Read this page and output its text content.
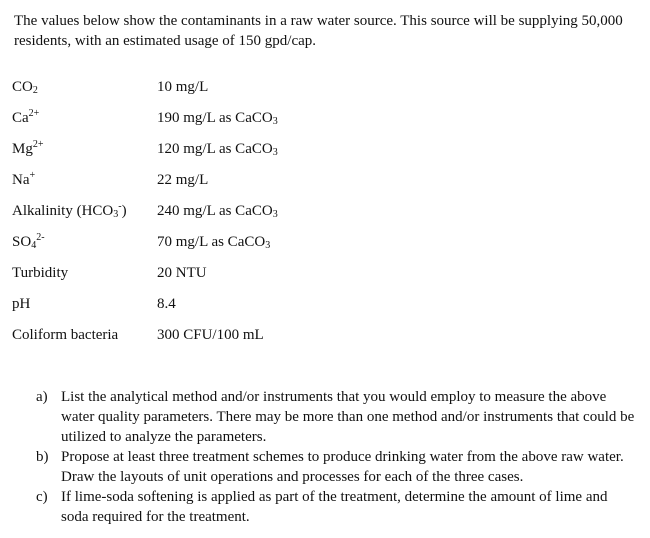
The values below show the contaminants in a raw water source. This source will be supplying 50,000 residents, with an estimated usage of 150 gpd/cap.

$CO_2$	10 mg/L
$Ca^{2+}$	190 mg/L as CaCO$_3$
$Mg^{2+}$	120 mg/L as CaCO$_3$
Na+	22 mg/L
Alkalinity $(HCO_3^-)$ 240 mg/L as CaCO$_3$
$SO_4^{2-}$	70 mg/L as CaCO$_3$
Turbidity	20 NTU
pH	8.4
Coliform bacteria	300 CFU/100 mL
a) List the analytical method and/or instruments that you would employ to measure the above water quality parameters. There may be more than one method and/or instruments that could be utilized to analyze the parameters.
b) Propose at least three treatment schemes to produce drinking water from the above raw water. Draw the layouts of unit operations and processes for each of the three cases.
c) If lime-soda softening is applied as part of the treatment, determine the amount of lime and soda required for the treatment.
